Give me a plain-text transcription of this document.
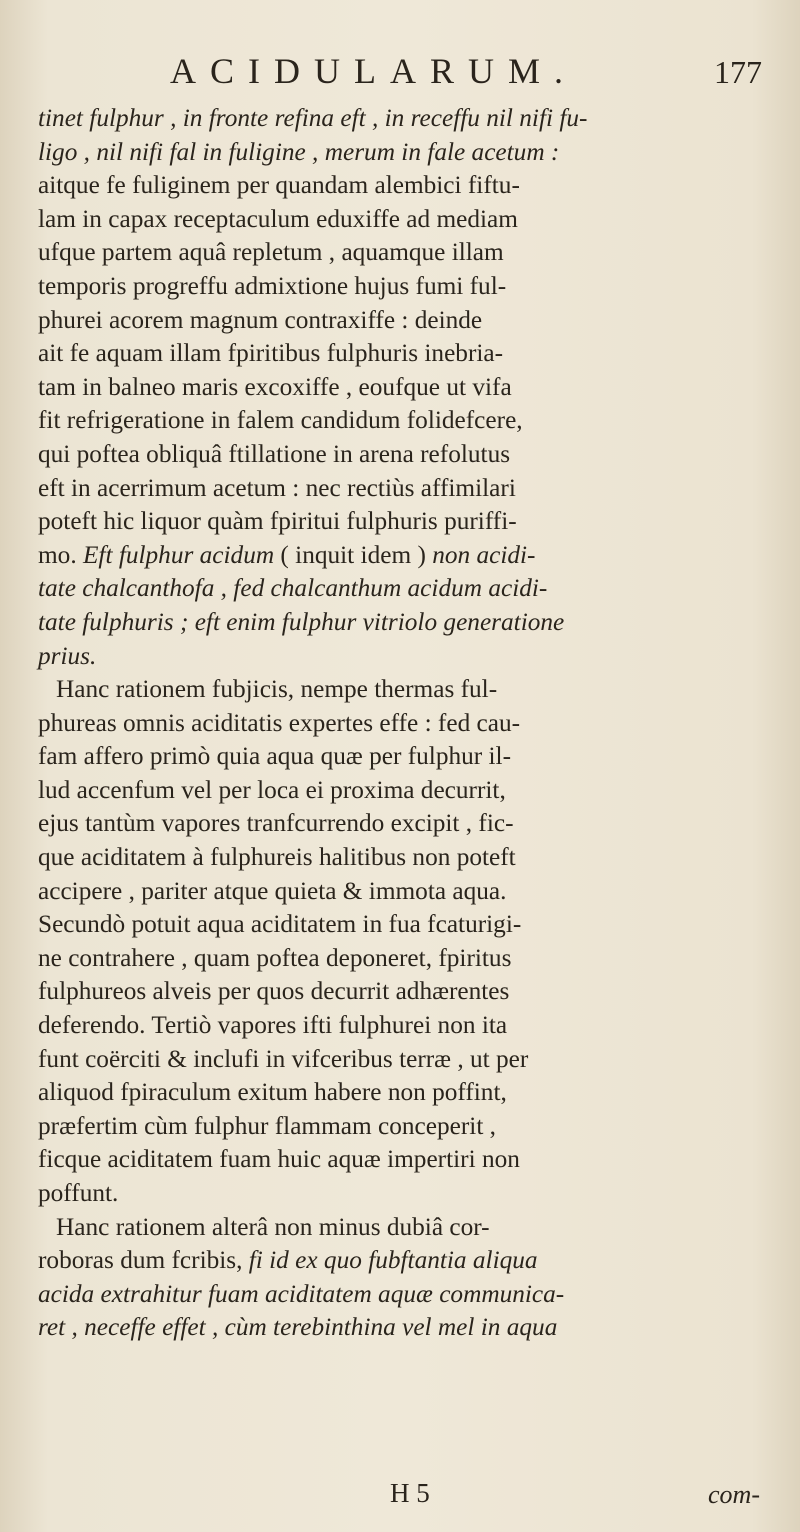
ACIDULARUM.	177
tinet fulphur , in fronte refina eft , in receffu nil nifi fu-
ligo , nil nifi fal in fuligine , merum in fale acetum :
aitque fe fuliginem per quandam alembici fiftu-
lam in capax receptaculum eduxiffe ad mediam
ufque partem aquâ repletum , aquamque illam
temporis progreffu admixtione hujus fumi ful-
phurei acorem magnum contraxiffe : deinde
ait fe aquam illam fpiritibus fulphuris inebria-
tam in balneo maris excoxiffe , eoufque ut vifa
fit refrigeratione in falem candidum folidefcere,
qui poftea obliquâ ftillatione in arena refolutus
eft in acerrimum acetum : nec rectiùs affimilari
poteft hic liquor quàm fpiritui fulphuris puriffi-
mo. Eft fulphur acidum ( inquit idem ) non acidi-
tate chalcanthofa , fed chalcanthum acidum acidi-
tate fulphuris ; eft enim fulphur vitriolo generatione
prius.
Hanc rationem fubjicis, nempe thermas ful-
phureas omnis aciditatis expertes effe : fed cau-
fam affero primò quia aqua quæ per fulphur il-
lud accenfum vel per loca ei proxima decurrit,
ejus tantùm vapores tranfcurrendo excipit , fic-
que aciditatem à fulphureis halitibus non poteft
accipere , pariter atque quieta & immota aqua.
Secundò potuit aqua aciditatem in fua fcaturigi-
ne contrahere , quam poftea deponeret, fpiritus
fulphureos alveis per quos decurrit adhærentes
deferendo. Tertiò vapores ifti fulphurei non ita
funt coërciti & inclufi in vifceribus terræ , ut per
aliquod fpiraculum exitum habere non poffint,
præfertim cùm fulphur flammam conceperit ,
ficque aciditatem fuam huic aquæ impertiri non
poffunt.
Hanc rationem alterâ non minus dubiâ cor-
roboras dum fcribis, fi id ex quo fubftantia aliqua
acida extrahitur fuam aciditatem aquæ communica-
ret , neceffe effet , cùm terebinthina vel mel in aqua
H 5	com-
